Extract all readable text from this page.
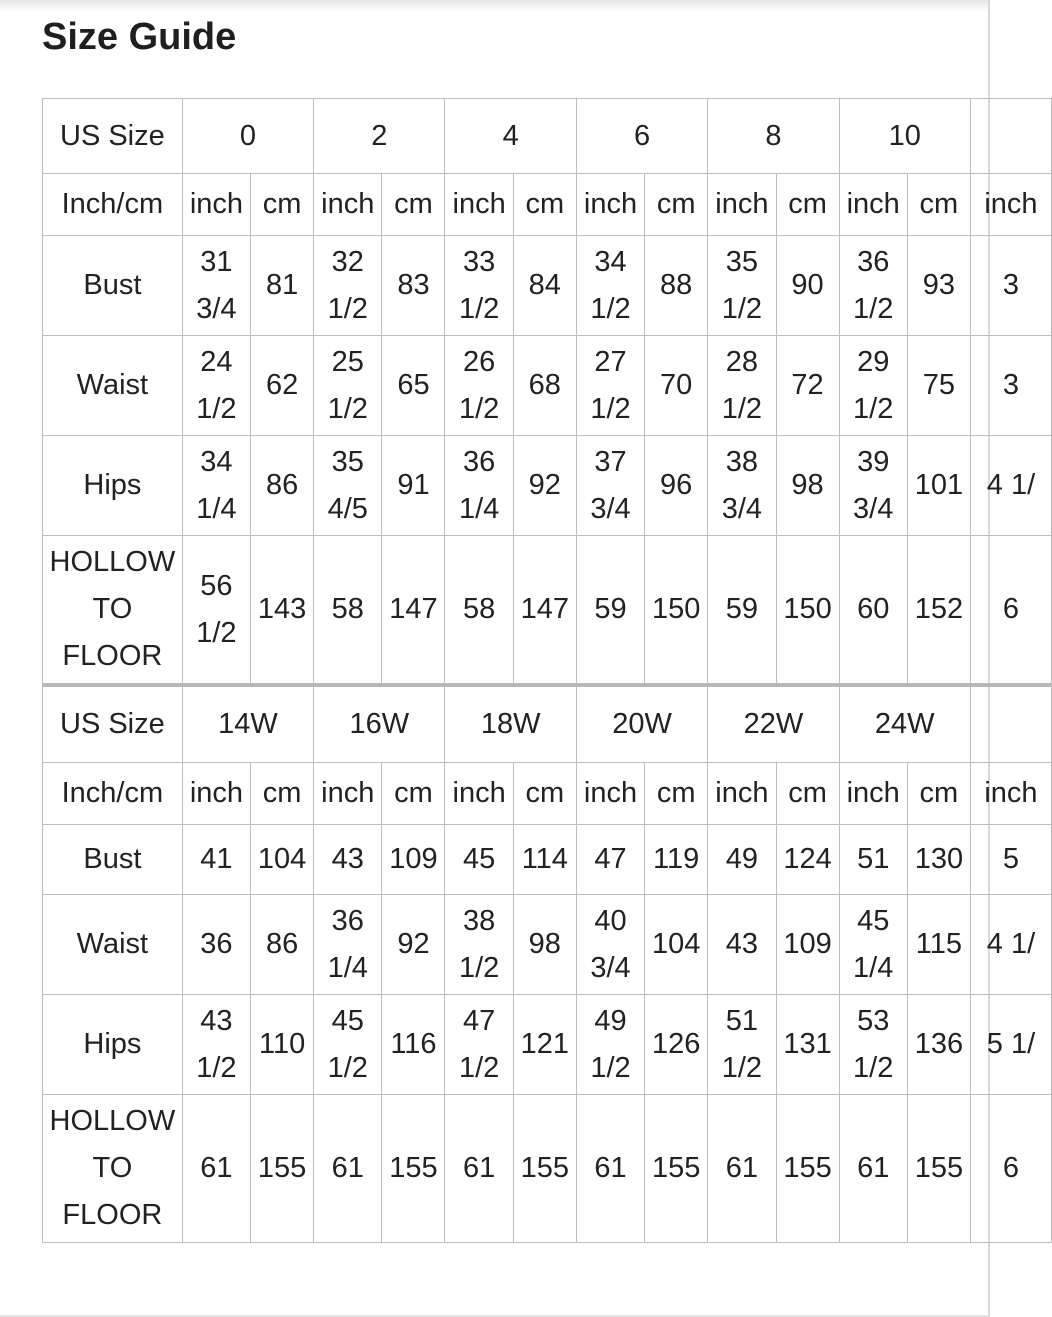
Size Guide
US Size	0		2		4		6		8		10		
Inch/cm	inch	cm	inch	cm	inch	cm	inch	cm	inch	cm	inch	cm	inch
Bust	31 3/4	81	32 1/2	83	33 1/2	84	34 1/2	88	35 1/2	90	36 1/2	93	3
Waist	24 1/2	62	25 1/2	65	26 1/2	68	27 1/2	70	28 1/2	72	29 1/2	75	3
Hips	34 1/4	86	35 4/5	91	36 1/4	92	37 3/4	96	38 3/4	98	39 3/4	101	4 1/
HOLLOW TO FLOOR	56 1/2	143	58	147	58	147	59	150	59	150	60	152	6
US Size	14W		16W		18W		20W		22W		24W		
Inch/cm	inch	cm	inch	cm	inch	cm	inch	cm	inch	cm	inch	cm	inch
Bust	41	104	43	109	45	114	47	119	49	124	51	130	5
Waist	36	86	36 1/4	92	38 1/2	98	40 3/4	104	43	109	45 1/4	115	4 1/
Hips	43 1/2	110	45 1/2	116	47 1/2	121	49 1/2	126	51 1/2	131	53 1/2	136	5 1/
HOLLOW TO FLOOR	61	155	61	155	61	155	61	155	61	155	61	155	6
